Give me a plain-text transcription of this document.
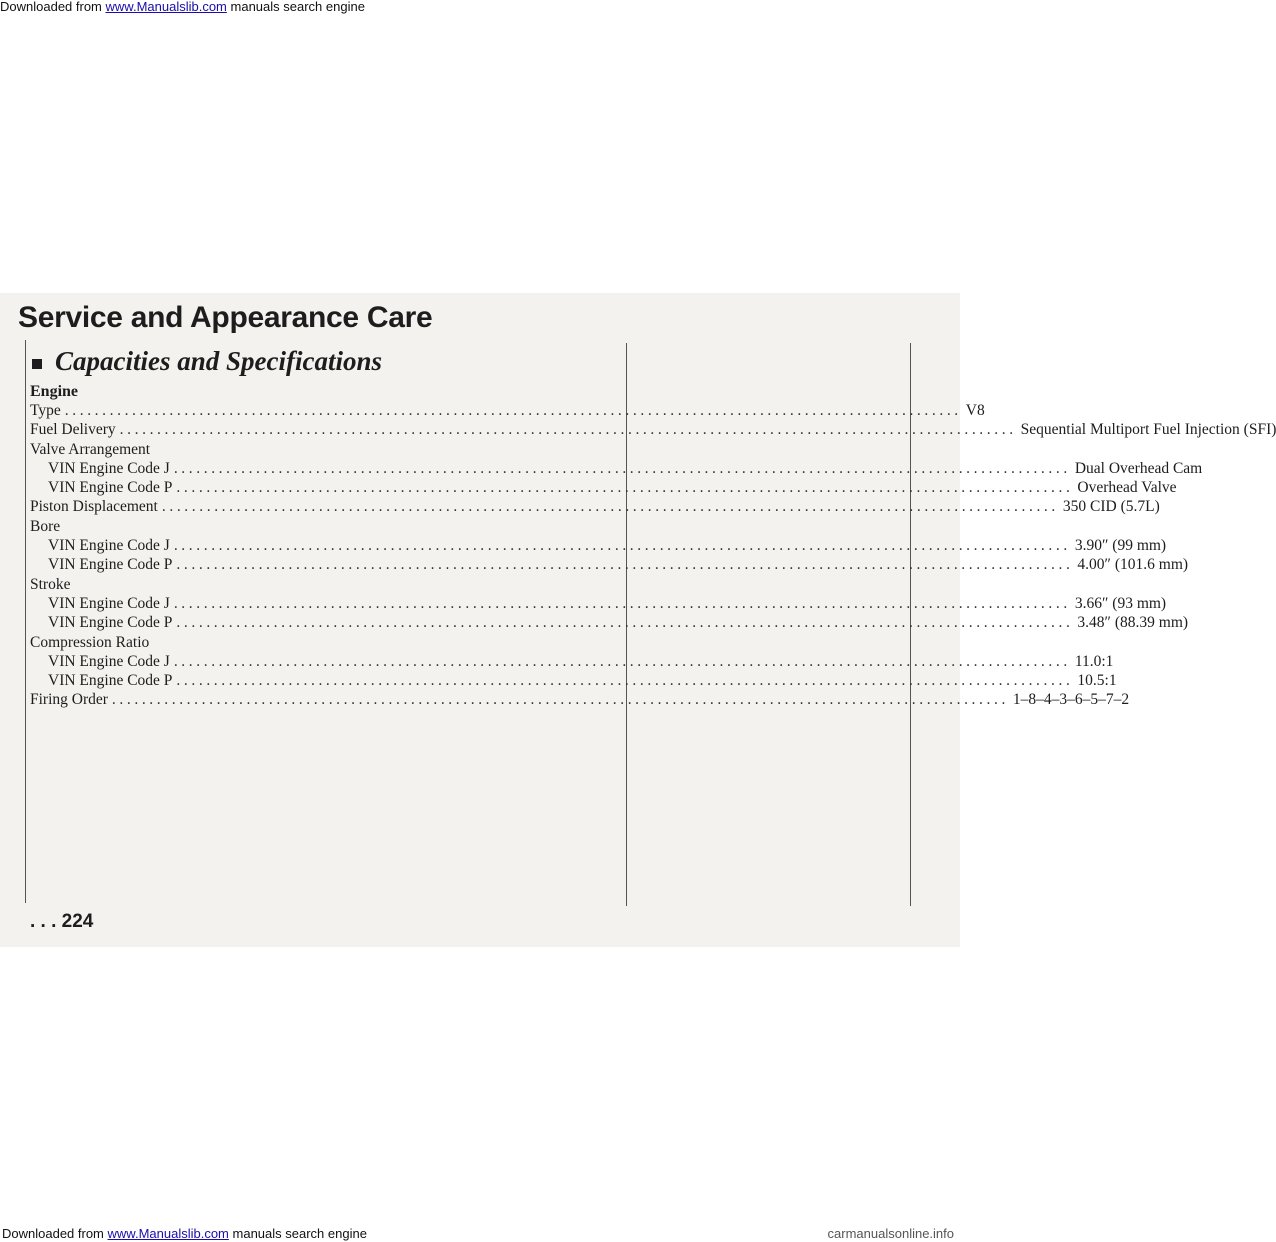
Downloaded from www.Manualslib.com manuals search engine
Service and Appearance Care
Capacities and Specifications
Engine
Type ........................................................................................................................ V8
Fuel Delivery ........................................................................................................................ Sequential Multiport Fuel Injection (SFI)
Valve Arrangement
VIN Engine Code J ........................................................................................................................ Dual Overhead Cam
VIN Engine Code P ........................................................................................................................ Overhead Valve
Piston Displacement ........................................................................................................................ 350 CID (5.7L)
Bore
VIN Engine Code J ........................................................................................................................ 3.90″ (99 mm)
VIN Engine Code P ........................................................................................................................ 4.00″ (101.6 mm)
Stroke
VIN Engine Code J ........................................................................................................................ 3.66″ (93 mm)
VIN Engine Code P ........................................................................................................................ 3.48″ (88.39 mm)
Compression Ratio
VIN Engine Code J ........................................................................................................................ 11.0:1
VIN Engine Code P ........................................................................................................................ 10.5:1
Firing Order ........................................................................................................................ 1–8–4–3–6–5–7–2
. . . 224
Downloaded from www.Manualslib.com manuals search engine	carmanualsonline.info
